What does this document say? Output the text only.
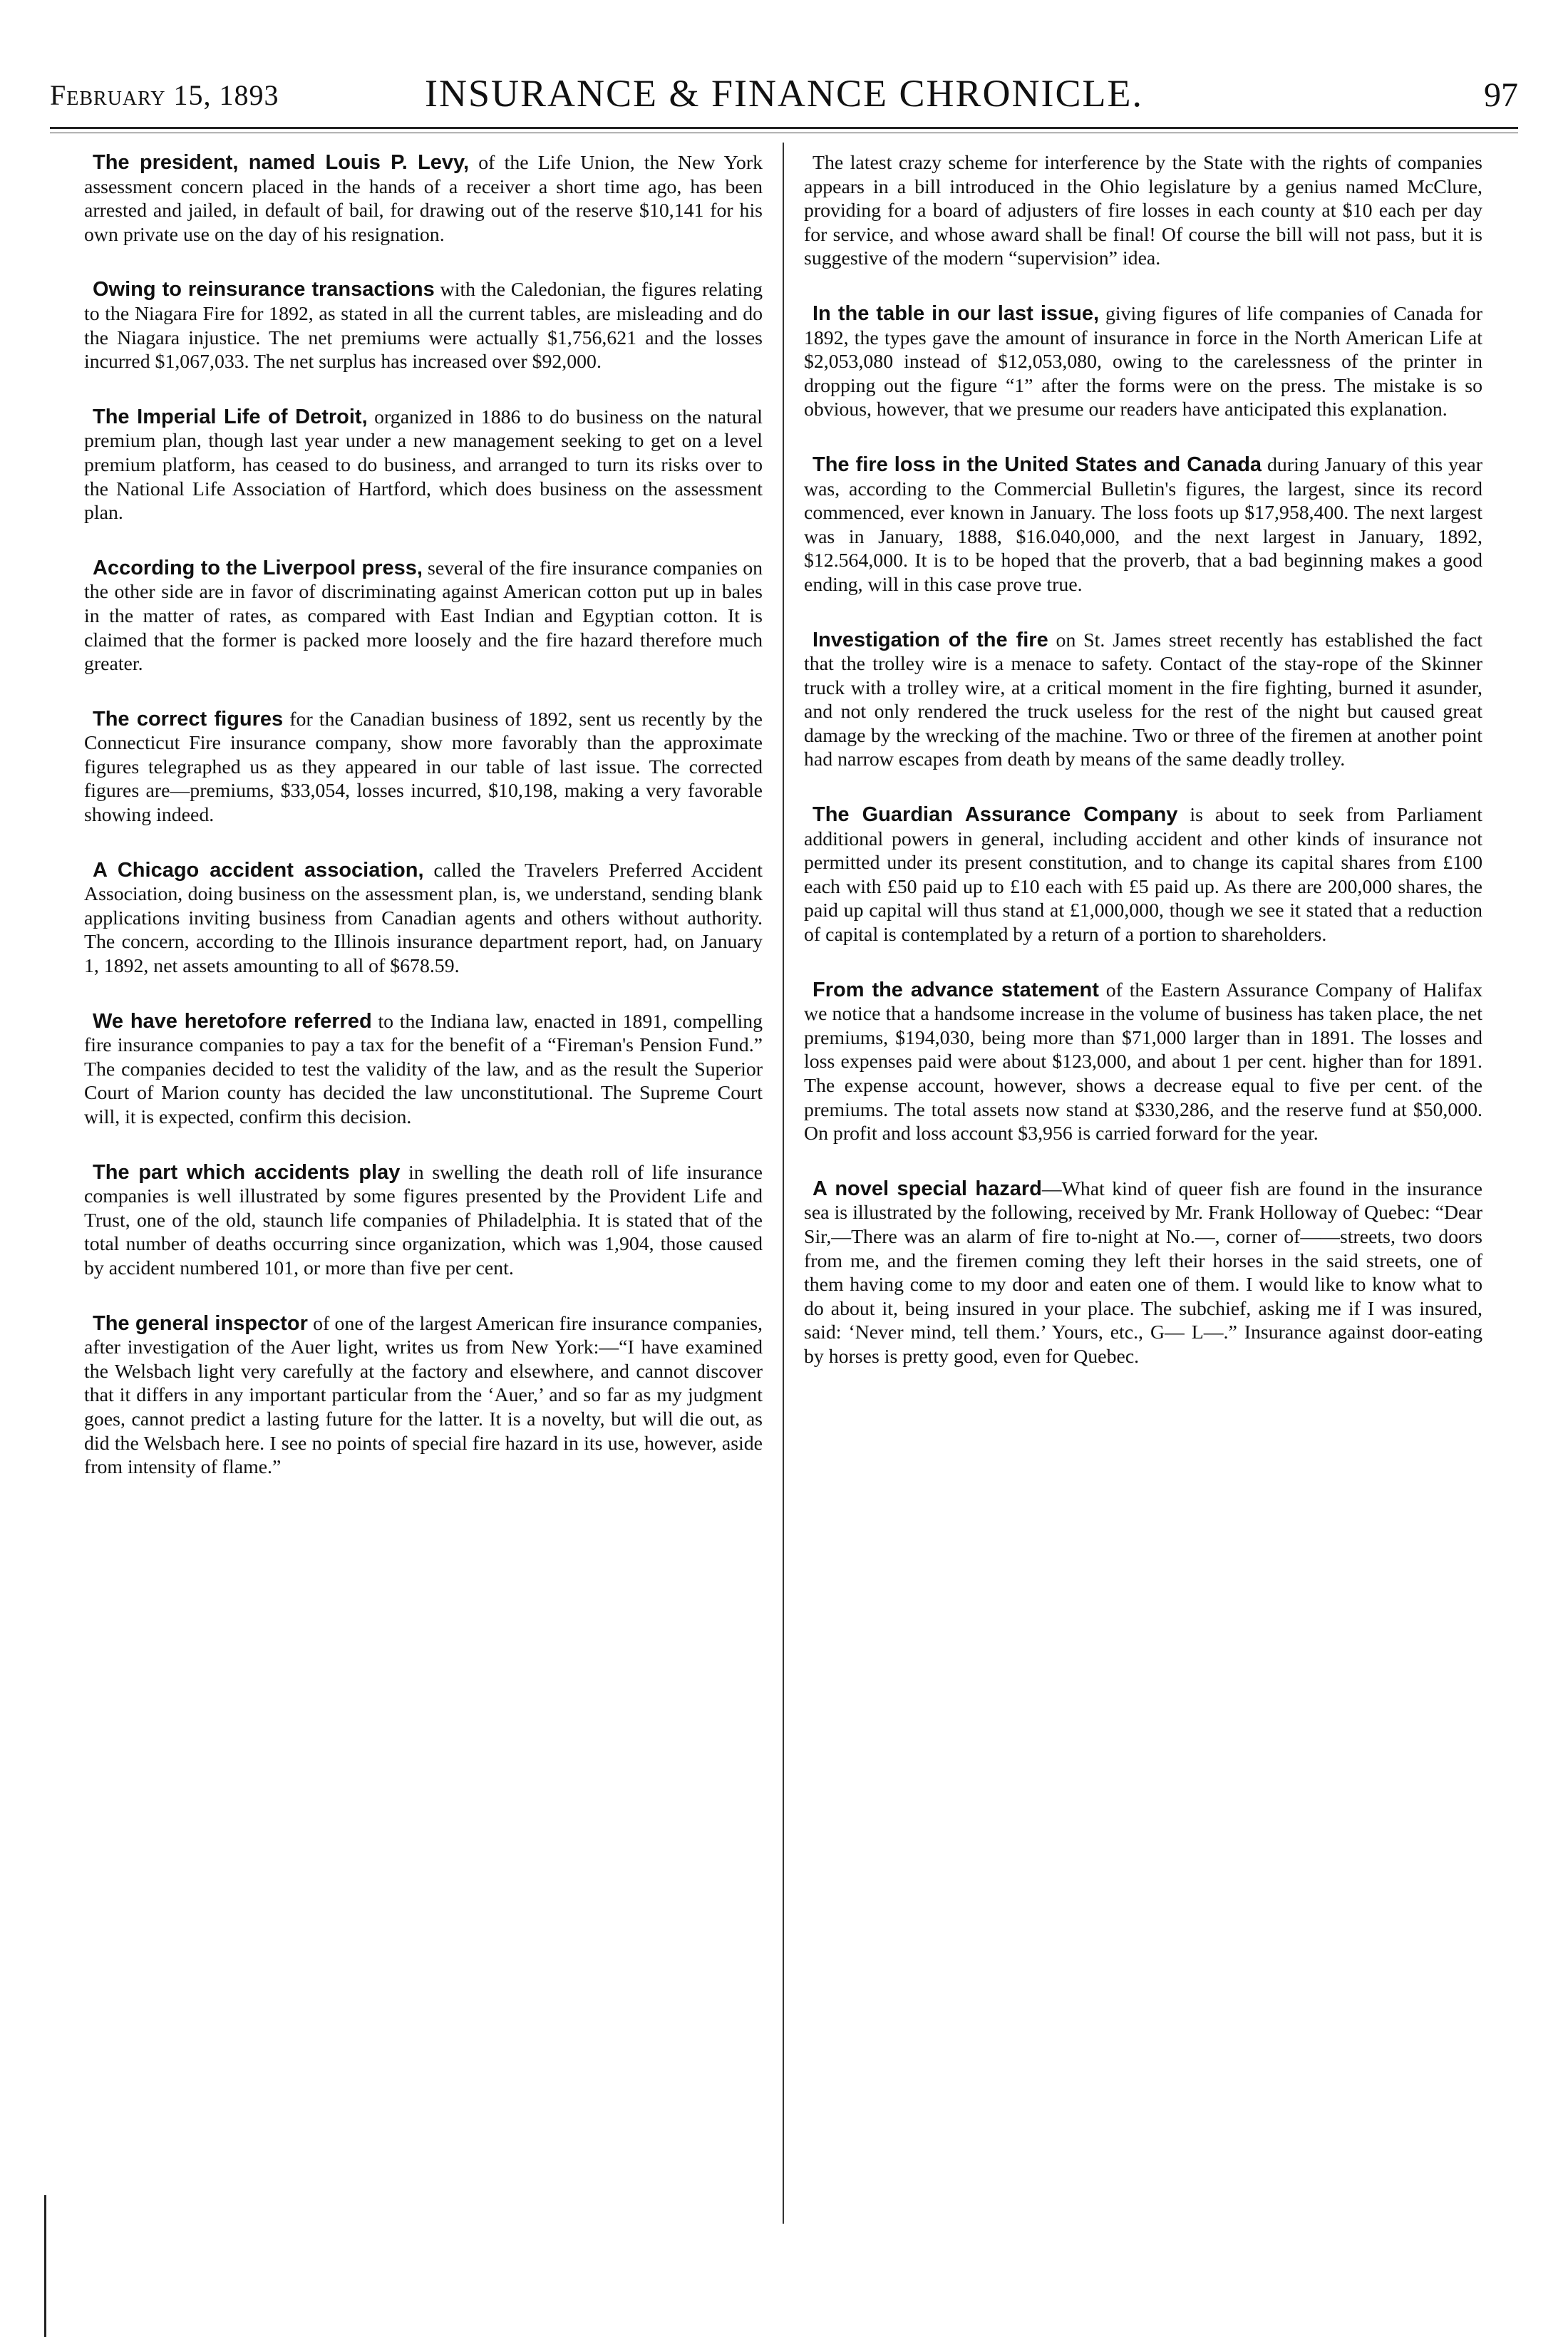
February 15, 1893	INSURANCE & FINANCE CHRONICLE.	97

The president, named Louis P. Levy, of the Life Union, the New York assessment concern placed in the hands of a receiver a short time ago, has been arrested and jailed, in default of bail, for drawing out of the reserve $10,141 for his own private use on the day of his resignation.

Owing to reinsurance transactions with the Caledonian, the figures relating to the Niagara Fire for 1892, as stated in all the current tables, are misleading and do the Niagara injustice. The net premiums were actually $1,756,621 and the losses incurred $1,067,033. The net surplus has increased over $92,000.

The Imperial Life of Detroit, organized in 1886 to do business on the natural premium plan, though last year under a new management seeking to get on a level premium platform, has ceased to do business, and arranged to turn its risks over to the National Life Association of Hartford, which does business on the assessment plan.

According to the Liverpool press, several of the fire insurance companies on the other side are in favor of discriminating against American cotton put up in bales in the matter of rates, as compared with East Indian and Egyptian cotton. It is claimed that the former is packed more loosely and the fire hazard therefore much greater.

The correct figures for the Canadian business of 1892, sent us recently by the Connecticut Fire insurance company, show more favorably than the approximate figures telegraphed us as they appeared in our table of last issue. The corrected figures are—premiums, $33,054, losses incurred, $10,198, making a very favorable showing indeed.

A Chicago accident association, called the Travelers Preferred Accident Association, doing business on the assessment plan, is, we understand, sending blank applications inviting business from Canadian agents and others without authority. The concern, according to the Illinois insurance department report, had, on January 1, 1892, net assets amounting to all of $678.59.

We have heretofore referred to the Indiana law, enacted in 1891, compelling fire insurance companies to pay a tax for the benefit of a “Fireman's Pension Fund.” The companies decided to test the validity of the law, and as the result the Superior Court of Marion county has decided the law unconstitutional. The Supreme Court will, it is expected, confirm this decision.

The part which accidents play in swelling the death roll of life insurance companies is well illustrated by some figures presented by the Provident Life and Trust, one of the old, staunch life companies of Philadelphia. It is stated that of the total number of deaths occurring since organization, which was 1,904, those caused by accident numbered 101, or more than five per cent.

The general inspector of one of the largest American fire insurance companies, after investigation of the Auer light, writes us from New York:—“I have examined the Welsbach light very carefully at the factory and elsewhere, and cannot discover that it differs in any important particular from the ‘Auer,’ and so far as my judgment goes, cannot predict a lasting future for the latter. It is a novelty, but will die out, as did the Welsbach here. I see no points of special fire hazard in its use, however, aside from intensity of flame.”

The latest crazy scheme for interference by the State with the rights of companies appears in a bill introduced in the Ohio legislature by a genius named McClure, providing for a board of adjusters of fire losses in each county at $10 each per day for service, and whose award shall be final! Of course the bill will not pass, but it is suggestive of the modern “supervision” idea.

In the table in our last issue, giving figures of life companies of Canada for 1892, the types gave the amount of insurance in force in the North American Life at $2,053,080 instead of $12,053,080, owing to the carelessness of the printer in dropping out the figure “1” after the forms were on the press. The mistake is so obvious, however, that we presume our readers have anticipated this explanation.

The fire loss in the United States and Canada during January of this year was, according to the Commercial Bulletin's figures, the largest, since its record commenced, ever known in January. The loss foots up $17,958,400. The next largest was in January, 1888, $16.040,000, and the next largest in January, 1892, $12.564,000. It is to be hoped that the proverb, that a bad beginning makes a good ending, will in this case prove true.

Investigation of the fire on St. James street recently has established the fact that the trolley wire is a menace to safety. Contact of the stay-rope of the Skinner truck with a trolley wire, at a critical moment in the fire fighting, burned it asunder, and not only rendered the truck useless for the rest of the night but caused great damage by the wrecking of the machine. Two or three of the firemen at another point had narrow escapes from death by means of the same deadly trolley.

The Guardian Assurance Company is about to seek from Parliament additional powers in general, including accident and other kinds of insurance not permitted under its present constitution, and to change its capital shares from £100 each with £50 paid up to £10 each with £5 paid up. As there are 200,000 shares, the paid up capital will thus stand at £1,000,000, though we see it stated that a reduction of capital is contemplated by a return of a portion to shareholders.

From the advance statement of the Eastern Assurance Company of Halifax we notice that a handsome increase in the volume of business has taken place, the net premiums, $194,030, being more than $71,000 larger than in 1891. The losses and loss expenses paid were about $123,000, and about 1 per cent. higher than for 1891. The expense account, however, shows a decrease equal to five per cent. of the premiums. The total assets now stand at $330,286, and the reserve fund at $50,000. On profit and loss account $3,956 is carried forward for the year.

A novel special hazard—What kind of queer fish are found in the insurance sea is illustrated by the following, received by Mr. Frank Holloway of Quebec: “Dear Sir,—There was an alarm of fire to-night at No.—, corner of——streets, two doors from me, and the firemen coming they left their horses in the said streets, one of them having come to my door and eaten one of them. I would like to know what to do about it, being insured in your place. The subchief, asking me if I was insured, said: ‘Never mind, tell them.’ Yours, etc., G— L—.” Insurance against door-eating by horses is pretty good, even for Quebec.
